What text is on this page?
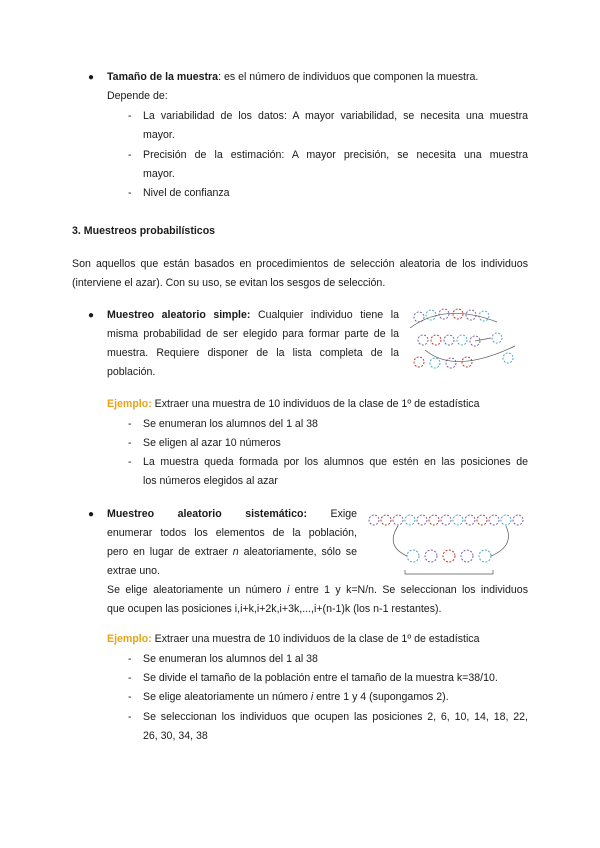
● Tamaño de la muestra: es el número de individuos que componen la muestra.
Depende de:
- La variabilidad de los datos: A mayor variabilidad, se necesita una muestra
mayor.
- Precisión de la estimación: A mayor precisión, se necesita una muestra
mayor.
- Nivel de confianza
3. Muestreos probabilísticos
Son aquellos que están basados en procedimientos de selección aleatoria de los individuos
(interviene el azar). Con su uso, se evitan los sesgos de selección.
● Muestreo aleatorio simple: Cualquier individuo tiene la
misma probabilidad de ser elegido para formar parte de la
muestra. Requiere disponer de la lista completa de la
población.
Ejemplo: Extraer una muestra de 10 individuos de la clase de 1º de estadística
- Se enumeran los alumnos del 1 al 38
- Se eligen al azar 10 números
- La muestra queda formada por los alumnos que estén en las posiciones de
los números elegidos al azar
● Muestreo aleatorio sistemático: Exige
enumerar todos los elementos de la población,
pero en lugar de extraer n aleatoriamente, sólo se
extrae uno.
Se elige aleatoriamente un número i entre 1 y k=N/n. Se seleccionan los individuos
que ocupen las posiciones i,i+k,i+2k,i+3k,...,i+(n-1)k (los n-1 restantes).
Ejemplo: Extraer una muestra de 10 individuos de la clase de 1º de estadística
- Se enumeran los alumnos del 1 al 38
- Se divide el tamaño de la población entre el tamaño de la muestra k=38/10.
- Se elige aleatoriamente un número i entre 1 y 4 (supongamos 2).
- Se seleccionan los individuos que ocupen las posiciones 2, 6, 10, 14, 18, 22,
26, 30, 34, 38
